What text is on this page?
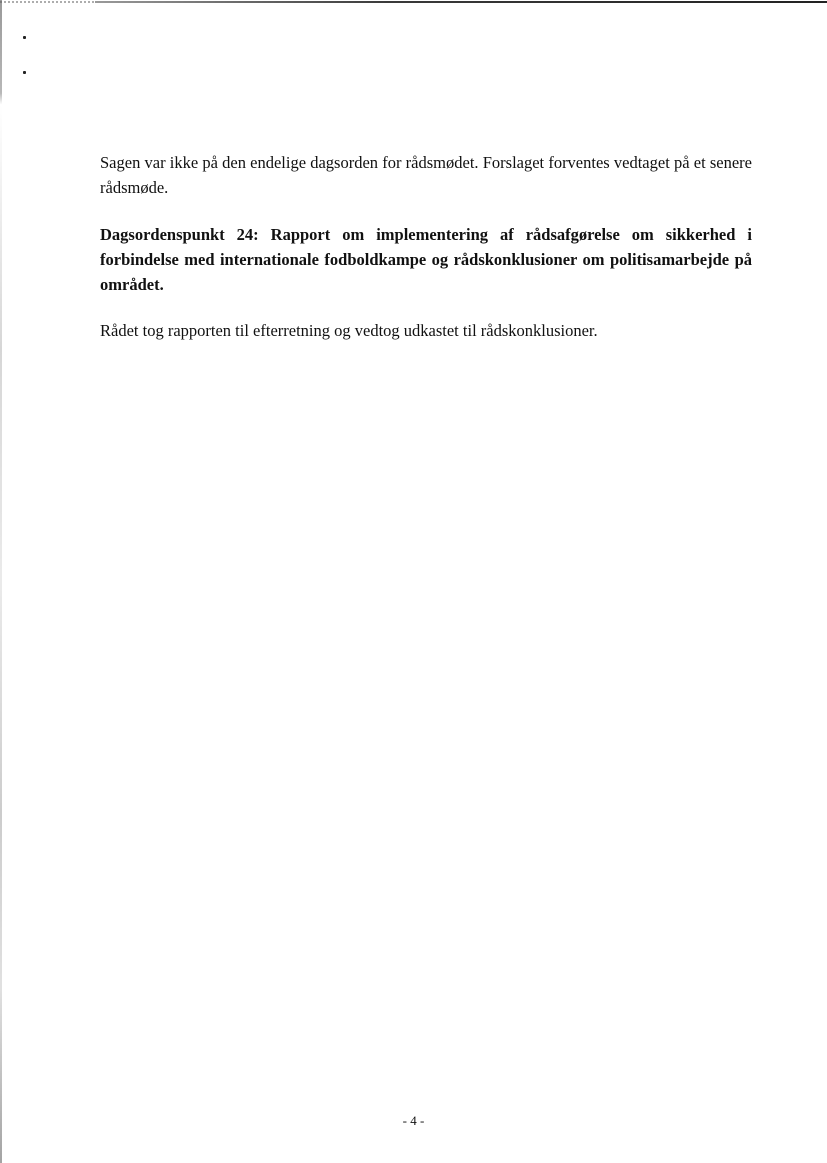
Sagen var ikke på den endelige dagsorden for rådsmødet. Forslaget forventes vedtaget på et senere rådsmøde.

Dagsordenspunkt 24: Rapport om implementering af rådsafgørelse om sikkerhed i forbindelse med internationale fodboldkampe og rådskonklusioner om politisamarbejde på området.

Rådet tog rapporten til efterretning og vedtog udkastet til rådskonklusioner.

- 4 -
